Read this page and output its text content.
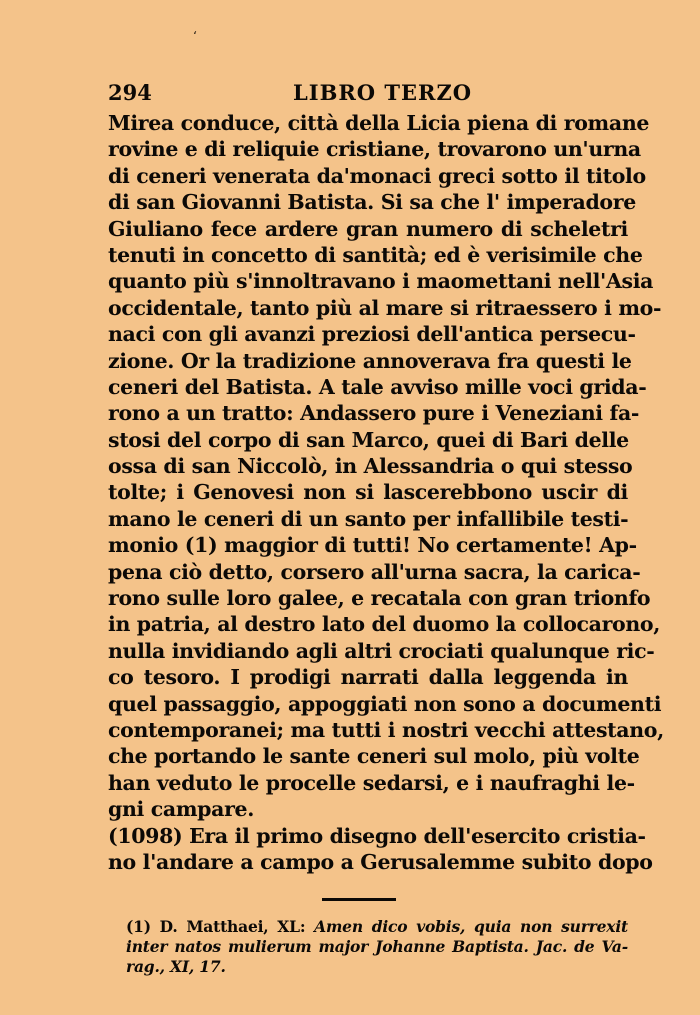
‘
294	LIBRO TERZO
Mirea conduce, città della Licia piena di romane
rovine e di reliquie cristiane, trovarono un'urna
di ceneri venerata da'monaci greci sotto il titolo
di san Giovanni Batista. Si sa che l' imperadore
Giuliano fece ardere gran numero di scheletri
tenuti in concetto di santità; ed è verisimile che
quanto più s'innoltravano i maomettani nell'Asia
occidentale, tanto più al mare si ritraessero i mo-
naci con gli avanzi preziosi dell'antica persecu-
zione. Or la tradizione annoverava fra questi le
ceneri del Batista. A tale avviso mille voci grida-
rono a un tratto: Andassero pure i Veneziani fa-
stosi del corpo di san Marco, quei di Bari delle
ossa di san Niccolò, in Alessandria o qui stesso
tolte; i Genovesi non si lascerebbono uscir di
mano le ceneri di un santo per infallibile testi-
monio (1) maggior di tutti! No certamente! Ap-
pena ciò detto, corsero all'urna sacra, la carica-
rono sulle loro galee, e recatala con gran trionfo
in patria, al destro lato del duomo la collocarono,
nulla invidiando agli altri crociati qualunque ric-
co tesoro. I prodigi narrati dalla leggenda in
quel passaggio, appoggiati non sono a documenti
contemporanei; ma tutti i nostri vecchi attestano,
che portando le sante ceneri sul molo, più volte
han veduto le procelle sedarsi, e i naufraghi le-
gni campare.
(1098) Era il primo disegno dell'esercito cristia-
no l'andare a campo a Gerusalemme subito dopo
(1) D. Matthaei, XL: Amen dico vobis, quia non surrexit
inter natos mulierum major Johanne Baptista. Jac. de Va-
rag., XI, 17.
